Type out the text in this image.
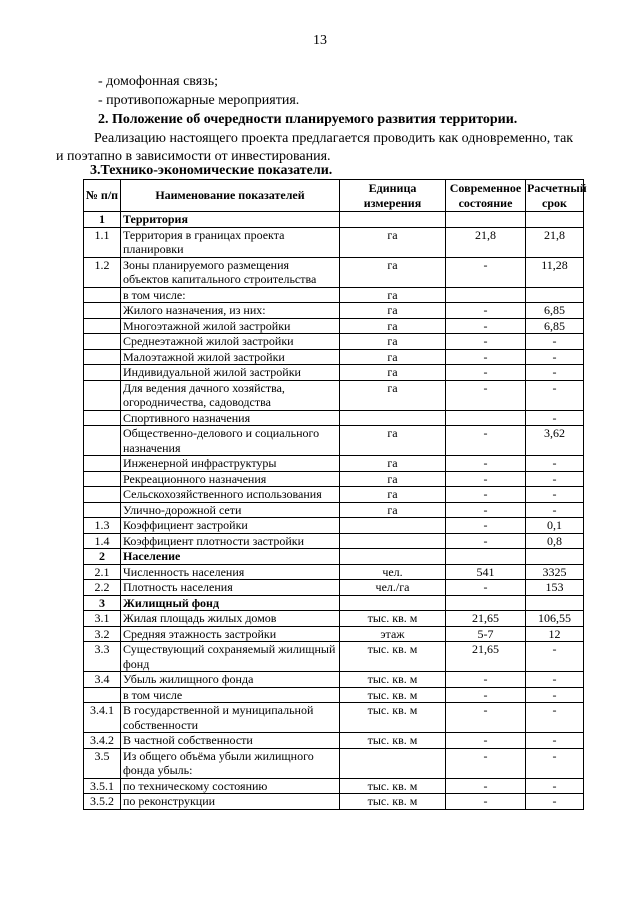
13
- домофонная связь;
- противопожарные мероприятия.
2. Положение об очередности планируемого развития территории.
Реализацию настоящего проекта предлагается проводить как одновременно, так
и поэтапно в зависимости от инвестирования.
3.Технико-экономические показатели.
№ п/п	Наименование показателей	Единица измерения	Современное состояние	Расчетный срок
1	Территория			
1.1	Территория в границах проекта планировки	га	21,8	21,8
1.2	Зоны планируемого размещения объектов капитального строительства	га	-	11,28
	в том числе:	га		
	Жилого назначения, из них:	га	-	6,85
	Многоэтажной жилой застройки	га	-	6,85
	Среднеэтажной жилой застройки	га	-	-
	Малоэтажной жилой застройки	га	-	-
	Индивидуальной жилой застройки	га	-	-
	Для ведения дачного хозяйства, огородничества, садоводства	га	-	-
	Спортивного назначения			-
	Общественно-делового и социального назначения	га	-	3,62
	Инженерной инфраструктуры	га	-	-
	Рекреационного назначения	га	-	-
	Сельскохозяйственного использования	га	-	-
	Улично-дорожной сети	га	-	-
1.3	Коэффициент застройки		-	0,1
1.4	Коэффициент плотности застройки		-	0,8
2	Население			
2.1	Численность населения	чел.	541	3325
2.2	Плотность населения	чел./га	-	153
3	Жилищный фонд			
3.1	Жилая площадь жилых домов	тыс. кв. м	21,65	106,55
3.2	Средняя этажность застройки	этаж	5-7	12
3.3	Существующий сохраняемый жилищный фонд	тыс. кв. м	21,65	-
3.4	Убыль жилищного фонда	тыс. кв. м	-	-
	в том числе	тыс. кв. м	-	-
3.4.1	В государственной и муниципальной собственности	тыс. кв. м	-	-
3.4.2	В частной собственности	тыс. кв. м	-	-
3.5	Из общего объёма убыли жилищного фонда убыль:		-	-
3.5.1	по техническому состоянию	тыс. кв. м	-	-
3.5.2	по реконструкции	тыс. кв. м	-	-
